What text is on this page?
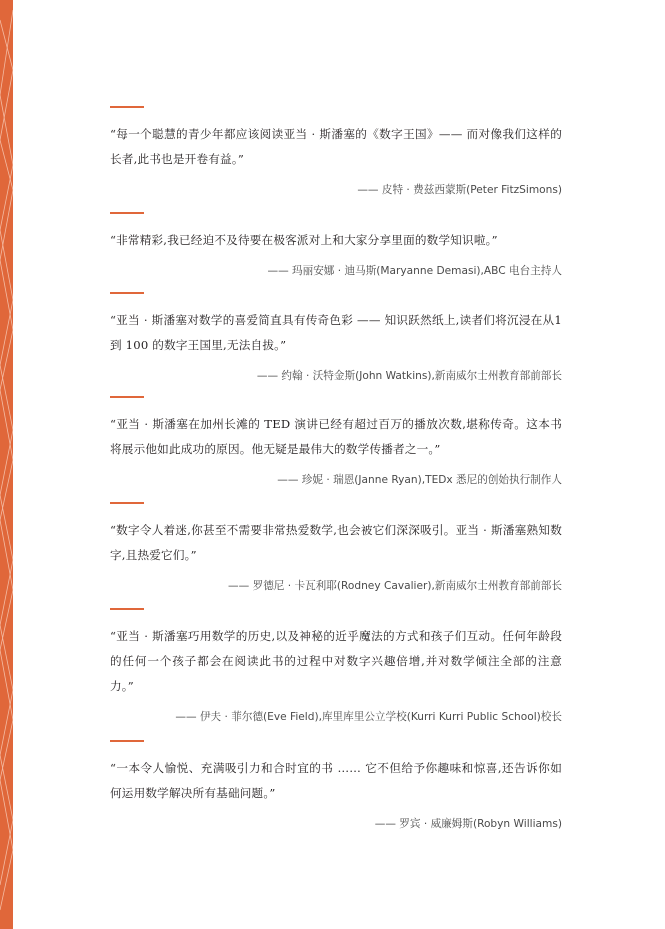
“每一个聪慧的青少年都应该阅读亚当 · 斯潘塞的《数字王国》—— 而对像我们这样的长者,此书也是开卷有益。”

—— 皮特 · 费兹西蒙斯(Peter FitzSimons)

“非常精彩,我已经迫不及待要在极客派对上和大家分享里面的数学知识啦。”

—— 玛丽安娜 · 迪马斯(Maryanne Demasi),ABC 电台主持人

“亚当 · 斯潘塞对数学的喜爱简直具有传奇色彩 —— 知识跃然纸上,读者们将沉浸在从1 到 100 的数字王国里,无法自拔。”

—— 约翰 · 沃特金斯(John Watkins),新南威尔士州教育部前部长

“亚当 · 斯潘塞在加州长滩的 TED 演讲已经有超过百万的播放次数,堪称传奇。这本书将展示他如此成功的原因。他无疑是最伟大的数学传播者之一。”

—— 珍妮 · 瑞恩(Janne Ryan),TEDx 悉尼的创始执行制作人

“数字令人着迷,你甚至不需要非常热爱数学,也会被它们深深吸引。亚当 · 斯潘塞熟知数字,且热爱它们。”

—— 罗德尼 · 卡瓦利耶(Rodney Cavalier),新南威尔士州教育部前部长

“亚当 · 斯潘塞巧用数学的历史,以及神秘的近乎魔法的方式和孩子们互动。任何年龄段的任何一个孩子都会在阅读此书的过程中对数字兴趣倍增,并对数学倾注全部的注意力。”

—— 伊夫 · 菲尔德(Eve Field),库里库里公立学校(Kurri Kurri Public School)校长

“一本令人愉悦、充满吸引力和合时宜的书 …… 它不但给予你趣味和惊喜,还告诉你如何运用数学解决所有基础问题。”

—— 罗宾 · 威廉姆斯(Robyn Williams)
